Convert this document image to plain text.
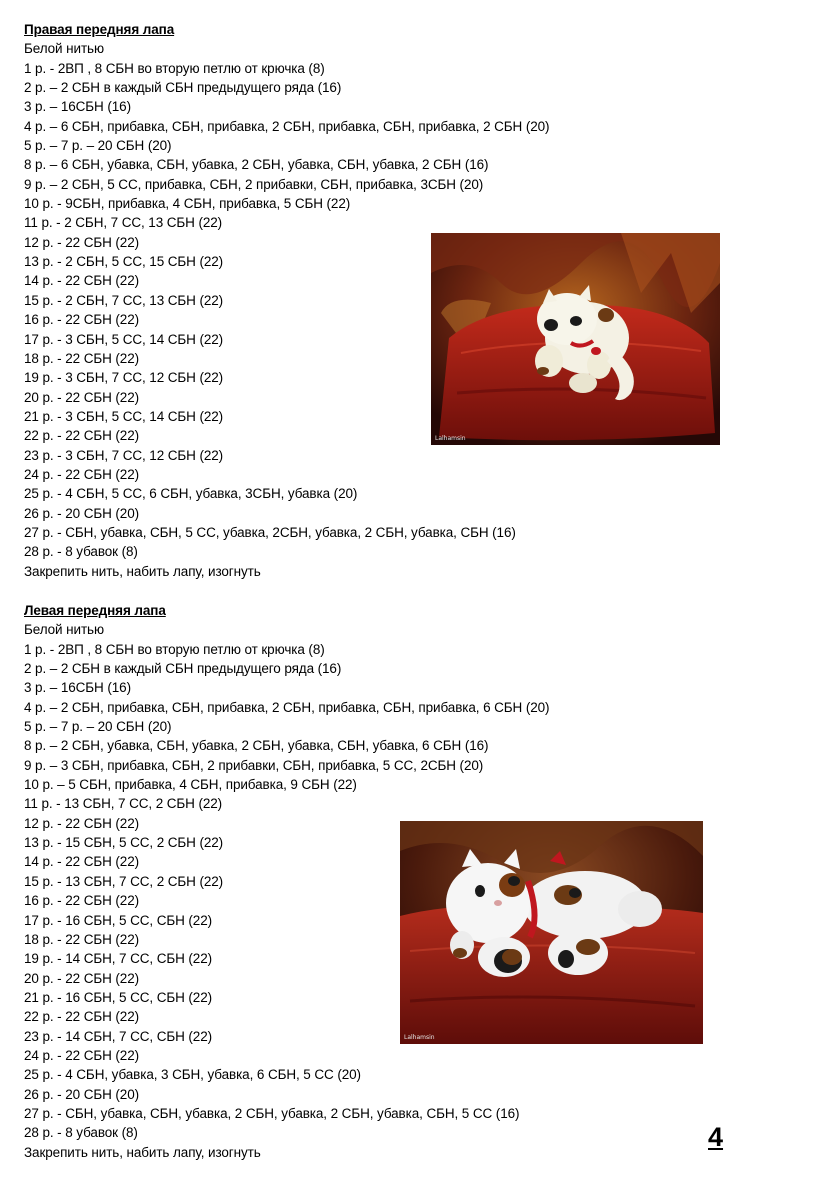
Правая передняя лапа
Белой нитью
1 р. - 2ВП , 8 СБН во вторую петлю от крючка (8)
2 р. – 2 СБН в каждый СБН предыдущего ряда (16)
3 р. – 16СБН (16)
4 р. – 6 СБН, прибавка, СБН, прибавка, 2 СБН, прибавка, СБН, прибавка, 2 СБН (20)
5 р. – 7 р. – 20 СБН (20)
8 р. – 6 СБН, убавка, СБН, убавка, 2 СБН, убавка, СБН, убавка, 2 СБН (16)
9 р. – 2 СБН, 5 СС, прибавка, СБН, 2 прибавки, СБН, прибавка, 3СБН (20)
10 р. - 9СБН, прибавка, 4 СБН, прибавка, 5 СБН (22)
11 р. - 2 СБН, 7 СС, 13 СБН (22)
12 р. - 22 СБН (22)
13 р. - 2 СБН, 5 СС, 15 СБН (22)
14 р. - 22 СБН (22)
15 р. - 2 СБН, 7 СС, 13 СБН (22)
16 р. - 22 СБН (22)
17 р. - 3 СБН, 5 СС, 14 СБН (22)
18 р. - 22 СБН (22)
19 р. - 3 СБН, 7 СС, 12 СБН (22)
20 р. - 22 СБН (22)
21 р. - 3 СБН, 5 СС, 14 СБН (22)
22 р. - 22 СБН (22)
23 р. - 3 СБН, 7 СС, 12 СБН (22)
24 р. - 22 СБН (22)
25 р. - 4 СБН, 5 СС, 6 СБН, убавка, 3СБН, убавка (20)
26 р. - 20 СБН (20)
27 р. - СБН, убавка, СБН, 5 СС, убавка, 2СБН, убавка, 2 СБН, убавка, СБН (16)
28 р. - 8 убавок (8)
Закрепить нить, набить лапу, изогнуть
Lalhamsin
Левая передняя лапа
Белой нитью
1 р. - 2ВП , 8 СБН во вторую петлю от крючка (8)
2 р. – 2 СБН в каждый СБН предыдущего ряда (16)
3 р. – 16СБН (16)
4 р. – 2 СБН, прибавка, СБН, прибавка, 2 СБН, прибавка, СБН, прибавка, 6 СБН (20)
5 р. – 7 р. – 20 СБН (20)
8 р. – 2 СБН, убавка, СБН, убавка, 2 СБН, убавка, СБН, убавка, 6 СБН (16)
9 р. – 3 СБН, прибавка, СБН, 2 прибавки, СБН, прибавка, 5 СС, 2СБН (20)
10 р. – 5 СБН, прибавка, 4 СБН, прибавка, 9 СБН (22)
11 р. - 13 СБН, 7 СС, 2 СБН (22)
12 р. - 22 СБН (22)
13 р. - 15 СБН, 5 СС, 2 СБН (22)
14 р. - 22 СБН (22)
15 р. - 13 СБН, 7 СС, 2 СБН (22)
16 р. - 22 СБН (22)
17 р. - 16 СБН, 5 СС, СБН (22)
18 р. - 22 СБН (22)
19 р. - 14 СБН, 7 СС, СБН (22)
20 р. - 22 СБН (22)
21 р. - 16 СБН, 5 СС, СБН (22)
22 р. - 22 СБН (22)
23 р. - 14 СБН, 7 СС, СБН (22)
24 р. - 22 СБН (22)
25 р. - 4 СБН, убавка, 3 СБН, убавка, 6 СБН, 5 СС (20)
26 р. - 20 СБН (20)
27 р. - СБН, убавка, СБН, убавка, 2 СБН, убавка, 2 СБН, убавка, СБН, 5 СС (16)
28 р. - 8 убавок (8)
Закрепить нить, набить лапу, изогнуть
Lalhamsin
4
